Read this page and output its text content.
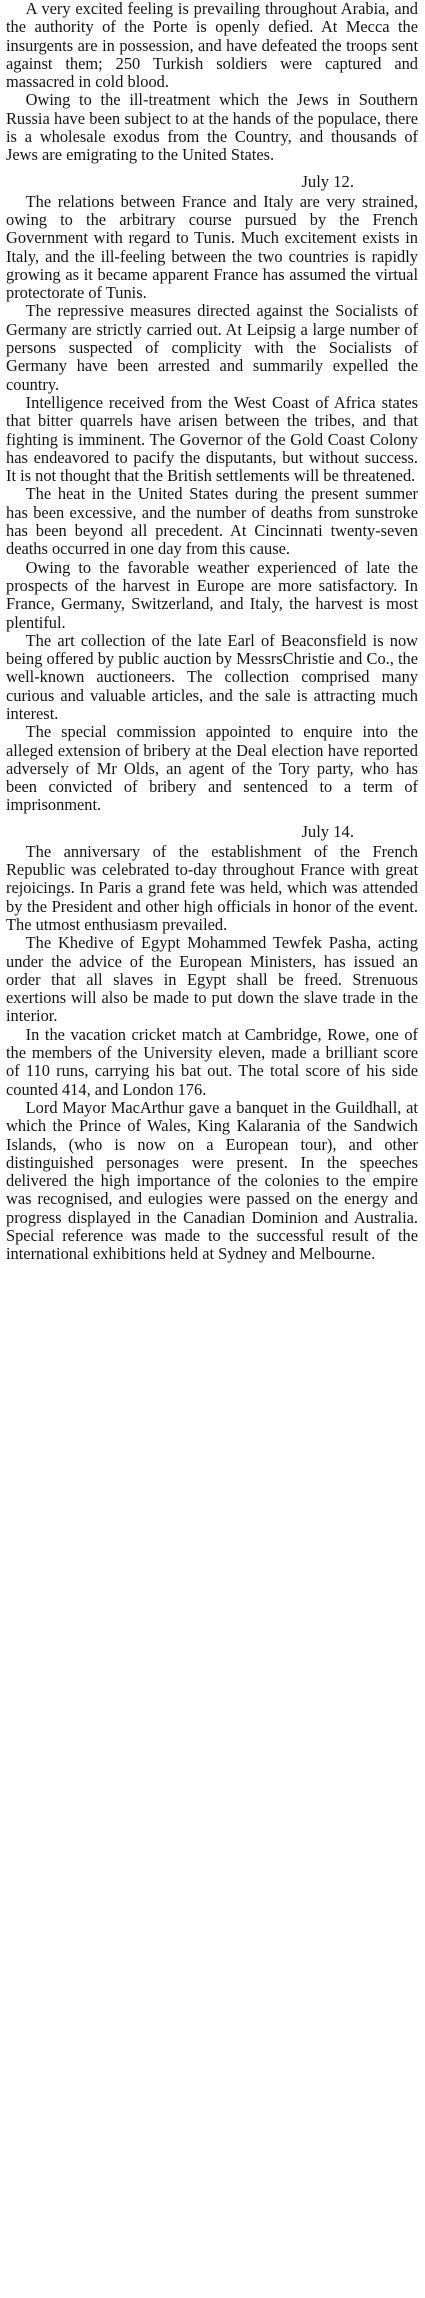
A very excited feeling is prevailing throughout Arabia, and the authority of the Porte is openly defied. At Mecca the insurgents are in possession, and have defeated the troops sent against them; 250 Turkish soldiers were captured and massacred in cold blood.

Owing to the ill-treatment which the Jews in Southern Russia have been subject to at the hands of the populace, there is a wholesale exodus from the Country, and thousands of Jews are emigrating to the United States.

July 12.

The relations between France and Italy are very strained, owing to the arbitrary course pursued by the French Government with regard to Tunis. Much excitement exists in Italy, and the ill-feeling between the two countries is rapidly growing as it became apparent France has assumed the virtual protectorate of Tunis.

The repressive measures directed against the Socialists of Germany are strictly carried out. At Leipsig a large number of persons suspected of complicity with the Socialists of Germany have been arrested and summarily expelled the country.

Intelligence received from the West Coast of Africa states that bitter quarrels have arisen between the tribes, and that fighting is imminent. The Governor of the Gold Coast Colony has endeavored to pacify the disputants, but without success. It is not thought that the British settlements will be threatened.

The heat in the United States during the present summer has been excessive, and the number of deaths from sunstroke has been beyond all precedent. At Cincinnati twenty-seven deaths occurred in one day from this cause.

Owing to the favorable weather experienced of late the prospects of the harvest in Europe are more satisfactory. In France, Germany, Switzerland, and Italy, the harvest is most plentiful.

The art collection of the late Earl of Beaconsfield is now being offered by public auction by MessrsChristie and Co., the well-known auctioneers. The collection comprised many curious and valuable articles, and the sale is attracting much interest.

The special commission appointed to enquire into the alleged extension of bribery at the Deal election have reported adversely of Mr Olds, an agent of the Tory party, who has been convicted of bribery and sentenced to a term of imprisonment.

July 14.

The anniversary of the establishment of the French Republic was celebrated to-day throughout France with great rejoicings. In Paris a grand fete was held, which was attended by the President and other high officials in honor of the event. The utmost enthusiasm prevailed.

The Khedive of Egypt Mohammed Tewfek Pasha, acting under the advice of the European Ministers, has issued an order that all slaves in Egypt shall be freed. Strenuous exertions will also be made to put down the slave trade in the interior.

In the vacation cricket match at Cambridge, Rowe, one of the members of the University eleven, made a brilliant score of 110 runs, carrying his bat out. The total score of his side counted 414, and London 176.

Lord Mayor MacArthur gave a banquet in the Guildhall, at which the Prince of Wales, King Kalarania of the Sandwich Islands, (who is now on a European tour), and other distinguished personages were present. In the speeches delivered the high importance of the colonies to the empire was recognised, and eulogies were passed on the energy and progress displayed in the Canadian Dominion and Australia. Special reference was made to the successful result of the international exhibitions held at Sydney and Melbourne.
